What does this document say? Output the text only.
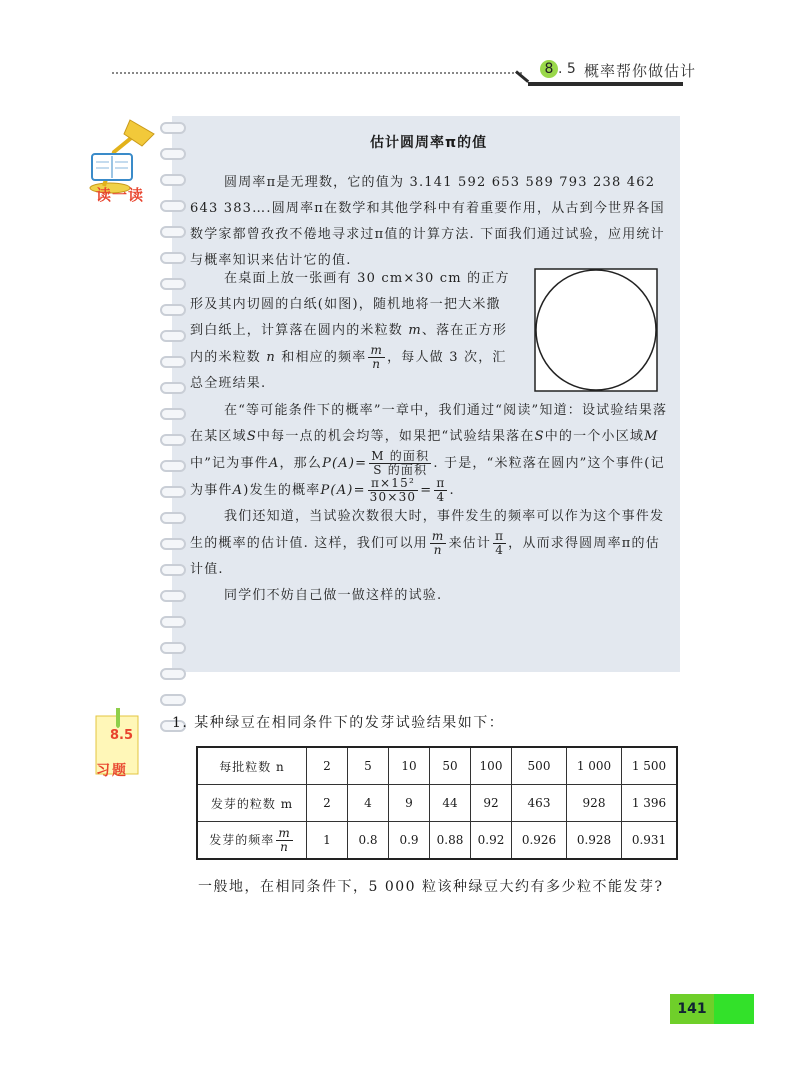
8 . 5 概率帮你做估计
读一读
估计圆周率π的值
圆周率π是无理数，它的值为 3.141 592 653 589 793 238 462 643 383….圆周率π在数学和其他学科中有着重要作用，从古到今世界各国数学家都曾孜孜不倦地寻求过π值的计算方法. 下面我们通过试验，应用统计与概率知识来估计它的值.
在桌面上放一张画有 30 cm×30 cm 的正方形及其内切圆的白纸(如图)，随机地将一把大米撒到白纸上，计算落在圆内的米粒数 m、落在正方形内的米粒数 n 和相应的频率 $\frac{m}{n}$ ，每人做 3 次，汇总全班结果.
在“等可能条件下的概率”一章中，我们通过“阅读”知道：设试验结果落在某区域S中每一点的机会均等，如果把“试验结果落在S中的一个小区域M中”记为事件A，那么$P(A)= \frac{\text{M 的面积}}{\text{S 的面积}}$ . 于是，“米粒落在圆内”这个事件(记为事件A)发生的概率$P(A)= \frac{\text{π×15²}}{30\times 30} = \frac{\pi}{4}$ .
我们还知道，当试验次数很大时，事件发生的频率可以作为这个事件发生的概率的估计值. 这样，我们可以用 $\frac{m}{n}$ 来估计 $\frac{\pi}{4}$ ，从而求得圆周率π的估计值.
同学们不妨自己做一做这样的试验.
8.5
习题
1. 某种绿豆在相同条件下的发芽试验结果如下：
每批粒数 n	2	5	10	50	100	500	1 000	1 500
发芽的粒数 m	2	4	9	44	92	463	928	1 396
发芽的频率 $\frac{m}{n}$	1	0.8	0.9	0.88	0.92	0.926	0.928	0.931
一般地，在相同条件下，5 000 粒该种绿豆大约有多少粒不能发芽?
141
